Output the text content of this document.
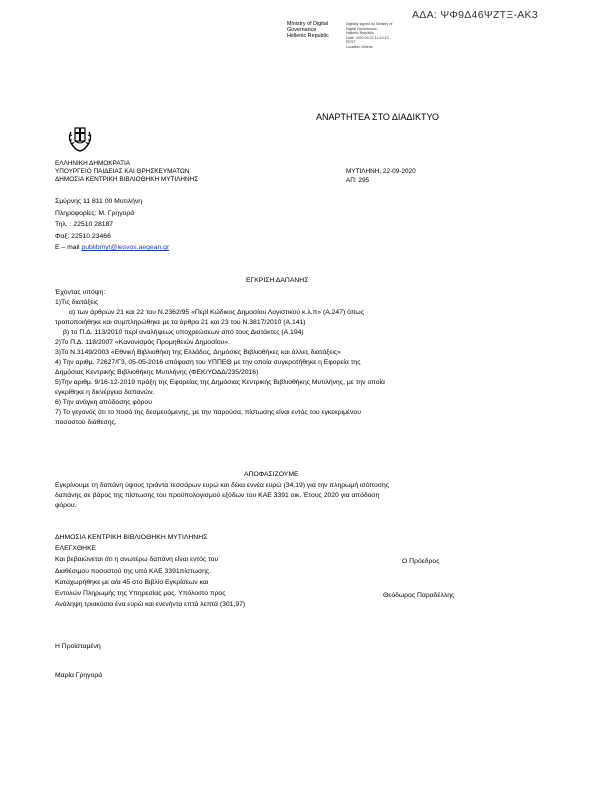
ΑΔΑ: ΨΦ9Δ46ΨΖΤΞ-ΑΚ3
Ministry of Digital
Governance
Hellenic Republic
Digitally signed by Ministry of
Digital Governance,
Hellenic Republic
Date: 2020.09.22 14:10:13
EEST
Location: Athens
ΑΝΑΡΤΗΤΕΑ ΣΤΟ ΔΙΑΔΙΚΤΥΟ
ΕΛΛΗΝΙΚΗ ΔΗΜΟΚΡΑΤΙΑ
ΥΠΟΥΡΓΕΙΟ ΠΑΙΔΕΙΑΣ ΚΑΙ ΘΡΗΣΚΕΥΜΑΤΩΝ
ΔΗΜΟΣΙΑ ΚΕΝΤΡΙΚΗ ΒΙΒΛΙΟΘΗΚΗ ΜΥΤΙΛΗΝΗΣ
ΜΥΤΙΛΗΝΗ, 22-09-2020
ΑΠ: 295
Σμύρνης 11 811 00 Μυτιλήνη
Πληροφορίες: Μ. Γρηγορά
Τηλ. : 22510 28187
Φαξ: 22510 23466
E – mail publibmyt@lesvos.aegean.gr
ΕΓΚΡΙΣΗ ΔΑΠΑΝΗΣ
Έχοντας υπόψη:
1)Τις διατάξεις
α) των άρθρων 21 και 22 του Ν.2362/95 «Περί Κώδικος Δημοσίου Λογιστικού κ.λ.π» (Α.247) όπως
τροποποιήθηκε και συμπληρώθηκε με τα άρθρα 21 και 23 του Ν.3817/2010 (Α.141)
β) το Π.Δ. 113/2010 περί αναλήψεως υποχρεώσεων από τους Διατάκτες (Α.194)
2)Το Π.Δ. 118/2007 «Κανονισμός Προμηθειών Δημοσίου».
3)Το Ν.3149/2003 «Εθνική Βιβλιοθήκη της Ελλάδος, Δημόσιες Βιβλιοθήκες και άλλες διατάξεις»
4) Την αριθμ. 72627/Γ3, 05-05-2016 απόφαση του ΥΠΠΕΘ με την οποία συγκροτήθηκε η Εφορεία της
Δημόσιας Κεντρικής Βιβλιοθήκης Μυτιλήνης (ΦΕΚ/ΥΟΔΔ/235/2016)
5)Την αριθμ. 9/16-12-2019 πράξη της Εφορείας της Δημόσιας Κεντρικής Βιβλιοθήκης Μυτιλήνης, με την οποία
εγκρίθηκε η διενέργεια δαπανών.
6) Την ανάγκη απόδοσης φόρου
7) Το γεγονός ότι το ποσό της δεσμευόμενης, με την παρούσα, πίστωσης είναι εντός του εγκεκριμένου
ποσοστού διάθεσης.
ΑΠΟΦΑΣΙΖΟΥΜΕ
Εγκρίνουμε τη δαπάνη ύψους τριάντα τεσσάρων ευρώ και δέκα εννέα ευρώ (34,19) για την πληρωμή ισόποσης
δαπάνης σε βάρος της πίστωσης του προϋπολογισμού εξόδων του ΚΑΕ 3391 οικ. Έτους 2020 για απόδοση
φόρου.
ΔΗΜΟΣΙΑ ΚΕΝΤΡΙΚΗ ΒΙΒΛΙΟΘΗΚΗ ΜΥΤΙΛΗΝΗΣ
ΕΛΕΓΧΘΗΚΕ
Και βεβαιώνεται ότι η ανωτέρω δαπάνη είναι εντός του
Διαθέσιμου ποσοστού της υπό ΚΑΕ 3391πίστωσης.
Καταχωρήθηκε με α/α 45 στο Βιβλίο Εγκρίσεων και
Εντολών Πληρωμής της Υπηρεσίας μας. Υπόλοιπο προς
Ανάληψη τριακόσια ένα ευρώ και ενενήντα επτά λεπτά (301,97)
Ο Πρόεδρος
Θεόδωρος Παραδέλλης
Η Προϊσταμένη
Μαρία Γρηγορά
